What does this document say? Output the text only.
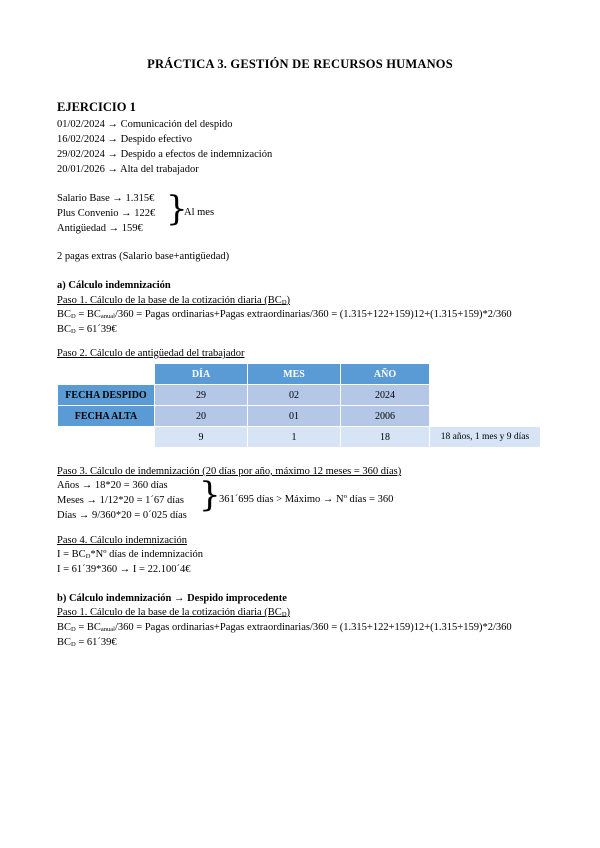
PRÁCTICA 3. GESTIÓN DE RECURSOS HUMANOS
EJERCICIO 1
01/02/2024 → Comunicación del despido
16/02/2024 → Despido efectivo
29/02/2024 → Despido a efectos de indemnización
20/01/2026 → Alta del trabajador
Salario Base → 1.315€
Plus Convenio → 122€
Antigüedad → 159€ }
Al mes
2 pagas extras (Salario base+antigüedad)
a) Cálculo indemnización
Paso 1. Cálculo de la base de la cotización diaria $(BC_D)$
$BC_D = BC_{anual}/360$ = Pagas ordinarias+Pagas extraordinarias/360 = (1.315+122+159)12+(1.315+159)*2/360
$BC_D$ = 61´39€
Paso 2. Cálculo de antigüedad del trabajador
	DÍA	MES	AÑO	
FECHA DESPIDO	29	02	2024	
FECHA ALTA	20	01	2006	
	9	1	18	18 años, 1 mes y 9 días
Paso 3. Cálculo de indemnización (20 días por año, máximo 12 meses = 360 días)
Años → 18*20 = 360 días
Meses → 1/12*20 = 1´67 días
Días → 9/360*20 = 0´025 días
}
361´695 días > Máximo → Nº días = 360
Paso 4. Cálculo indemnización
$I = BC_D*Nº$ días de indemnización
I = 61´39*360 → I = 22.100´4€
b) Cálculo indemnización → Despido improcedente
Paso 1. Cálculo de la base de la cotización diaria $(BC_D)$
$BC_D = BC_{anual}/360$ = Pagas ordinarias+Pagas extraordinarias/360 = (1.315+122+159)12+(1.315+159)*2/360
$BC_D$ = 61´39€
